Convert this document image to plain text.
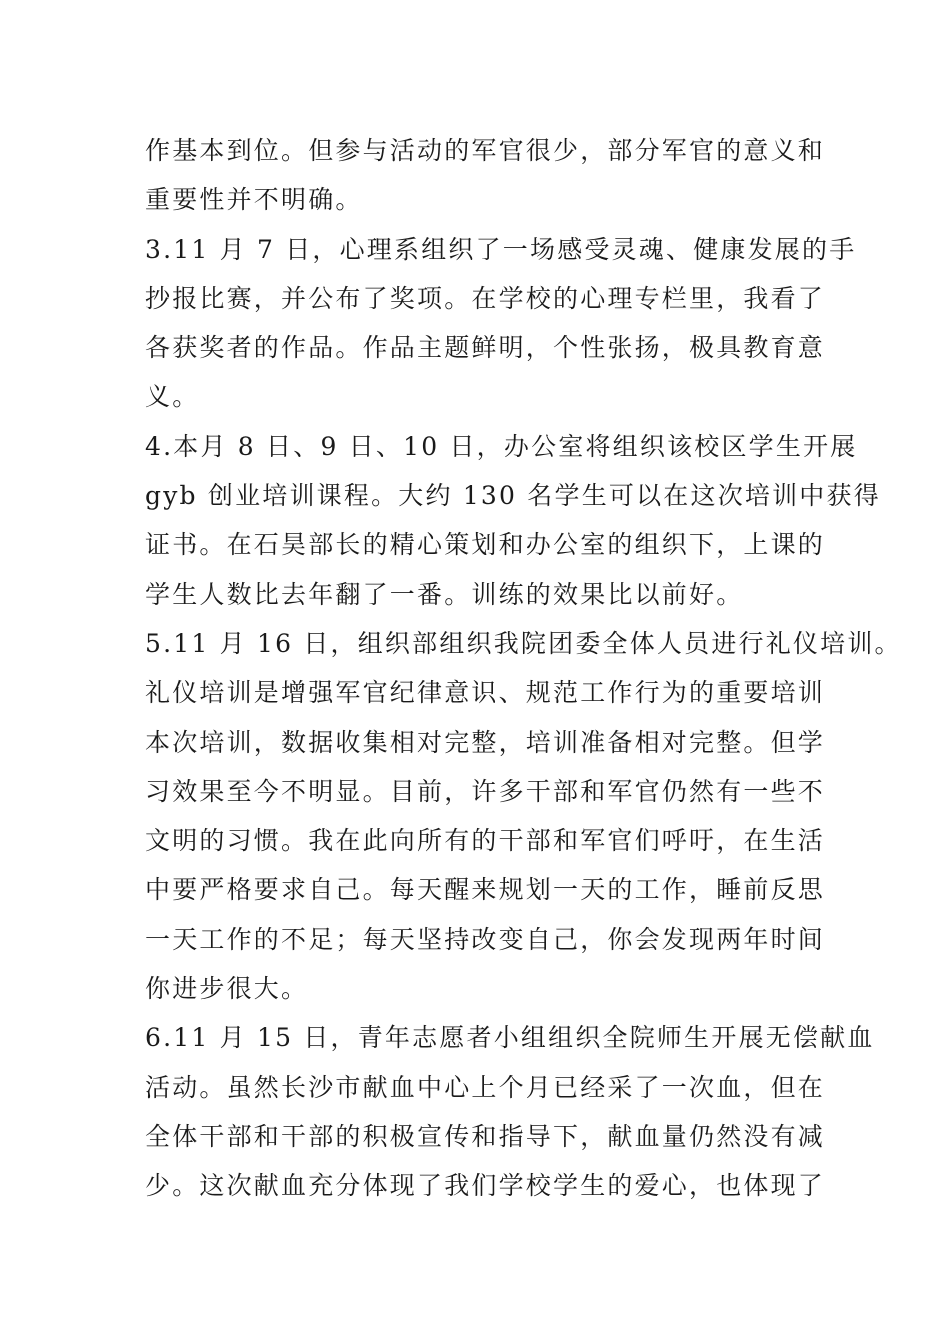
作基本到位。但参与活动的军官很少，部分军官的意义和
重要性并不明确。
3.11 月 7 日，心理系组织了一场感受灵魂、健康发展的手
抄报比赛，并公布了奖项。在学校的心理专栏里，我看了
各获奖者的作品。作品主题鲜明，个性张扬，极具教育意
义。
4.本月 8 日、9 日、10 日，办公室将组织该校区学生开展
gyb 创业培训课程。大约 130 名学生可以在这次培训中获得
证书。在石昊部长的精心策划和办公室的组织下，上课的
学生人数比去年翻了一番。训练的效果比以前好。
5.11 月 16 日，组织部组织我院团委全体人员进行礼仪培训。
礼仪培训是增强军官纪律意识、规范工作行为的重要培训
本次培训，数据收集相对完整，培训准备相对完整。但学
习效果至今不明显。目前，许多干部和军官仍然有一些不
文明的习惯。我在此向所有的干部和军官们呼吁，在生活
中要严格要求自己。每天醒来规划一天的工作，睡前反思
一天工作的不足；每天坚持改变自己，你会发现两年时间
你进步很大。
6.11 月 15 日，青年志愿者小组组织全院师生开展无偿献血
活动。虽然长沙市献血中心上个月已经采了一次血，但在
全体干部和干部的积极宣传和指导下，献血量仍然没有减
少。这次献血充分体现了我们学校学生的爱心，也体现了
